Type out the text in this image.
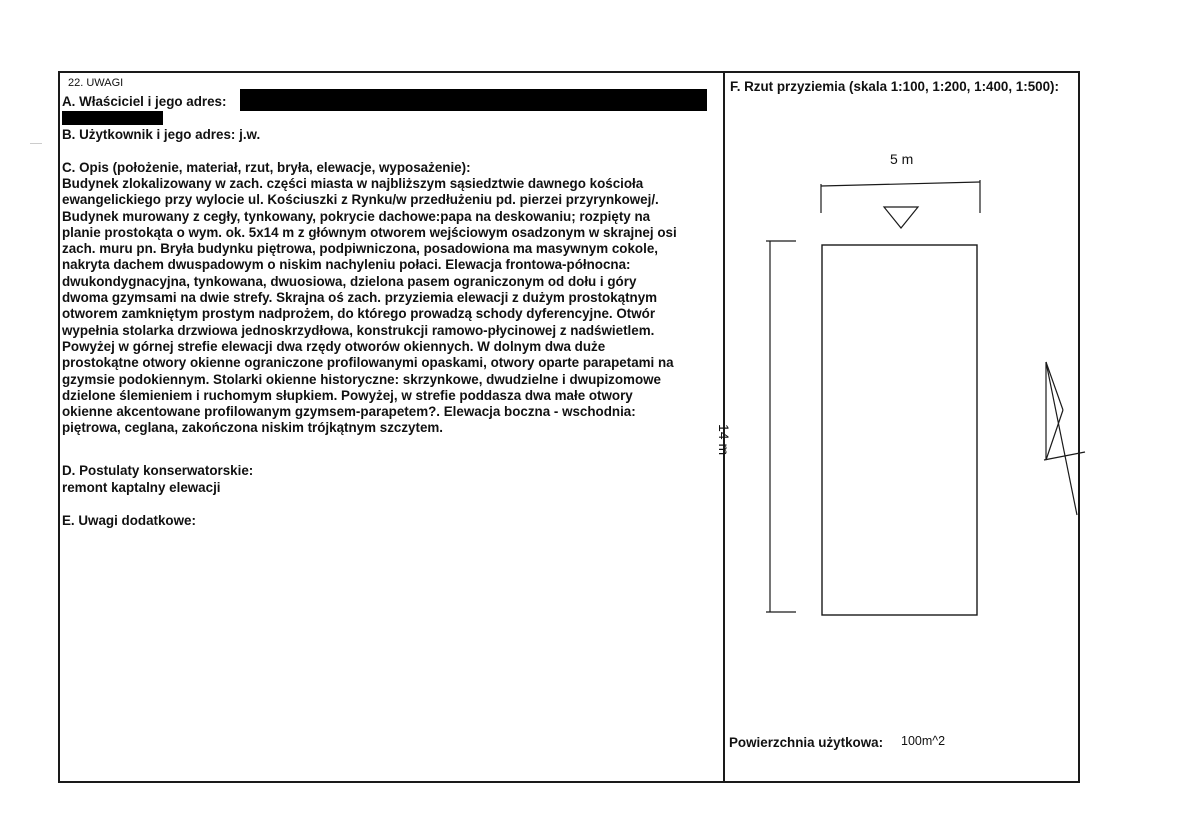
22. UWAGI
A. Właściciel i jego adres:
B. Użytkownik i jego adres: j.w.
C. Opis (położenie, materiał, rzut, bryła, elewacje, wyposażenie):
Budynek zlokalizowany w zach. części miasta w najbliższym sąsiedztwie dawnego kościoła
ewangelickiego przy wylocie ul. Kościuszki z Rynku/w przedłużeniu pd. pierzei przyrynkowej/.
Budynek murowany z cegły, tynkowany, pokrycie dachowe:papa na deskowaniu; rozpięty na
planie prostokąta o wym. ok. 5x14 m z głównym otworem wejściowym osadzonym w skrajnej osi
zach. muru pn. Bryła budynku piętrowa, podpiwniczona, posadowiona ma masywnym cokole,
nakryta dachem dwuspadowym o niskim nachyleniu połaci. Elewacja frontowa-północna:
dwukondygnacyjna, tynkowana, dwuosiowa, dzielona pasem ograniczonym od dołu i góry
dwoma gzymsami na dwie strefy. Skrajna oś zach. przyziemia elewacji z dużym prostokątnym
otworem zamkniętym prostym nadprożem, do którego prowadzą schody dyferencyjne. Otwór
wypełnia stolarka drzwiowa jednoskrzydłowa, konstrukcji ramowo-płycinowej z nadświetlem.
Powyżej w górnej strefie elewacji dwa rzędy otworów okiennych. W dolnym dwa duże
prostokątne otwory okienne ograniczone profilowanymi opaskami, otwory oparte parapetami na
gzymsie podokiennym. Stolarki okienne historyczne: skrzynkowe, dwudzielne i dwupizomowe
dzielone ślemieniem i ruchomym słupkiem. Powyżej, w strefie poddasza dwa małe otwory
okienne akcentowane profilowanym gzymsem-parapetem?. Elewacja boczna - wschodnia:
piętrowa, ceglana, zakończona niskim trójkątnym szczytem.
D. Postulaty konserwatorskie:
remont kaptalny elewacji
E. Uwagi dodatkowe:
F. Rzut przyziemia (skala 1:100, 1:200, 1:400, 1:500):
5 m
14 m
Powierzchnia użytkowa: 100m^2
